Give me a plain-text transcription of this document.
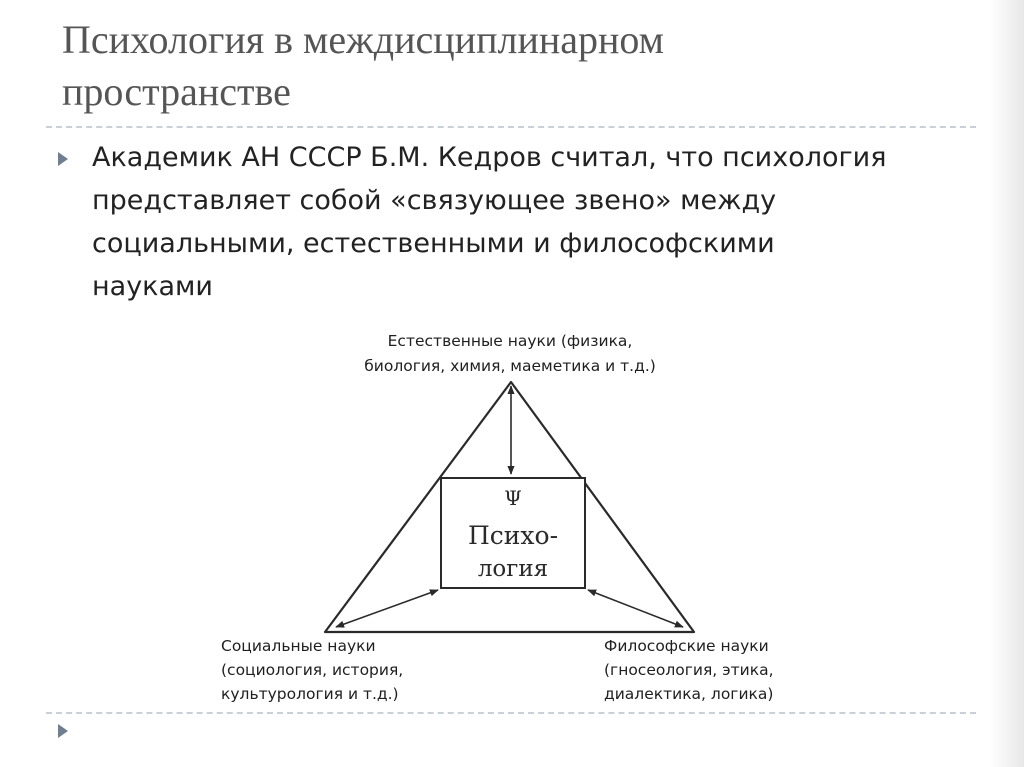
Психология в междисциплинарном
пространстве
Академик АН СССР Б.М. Кедров считал, что психология
представляет собой «связующее звено» между
социальными, естественными и философскими
науками
Ψ
Психо-
логия
Естественные науки (физика,
биология, химия, маеметика и т.д.)
Социальные науки
(социология, история,
культурология и т.д.)
Философские науки
(гносеология, этика,
диалектика, логика)
